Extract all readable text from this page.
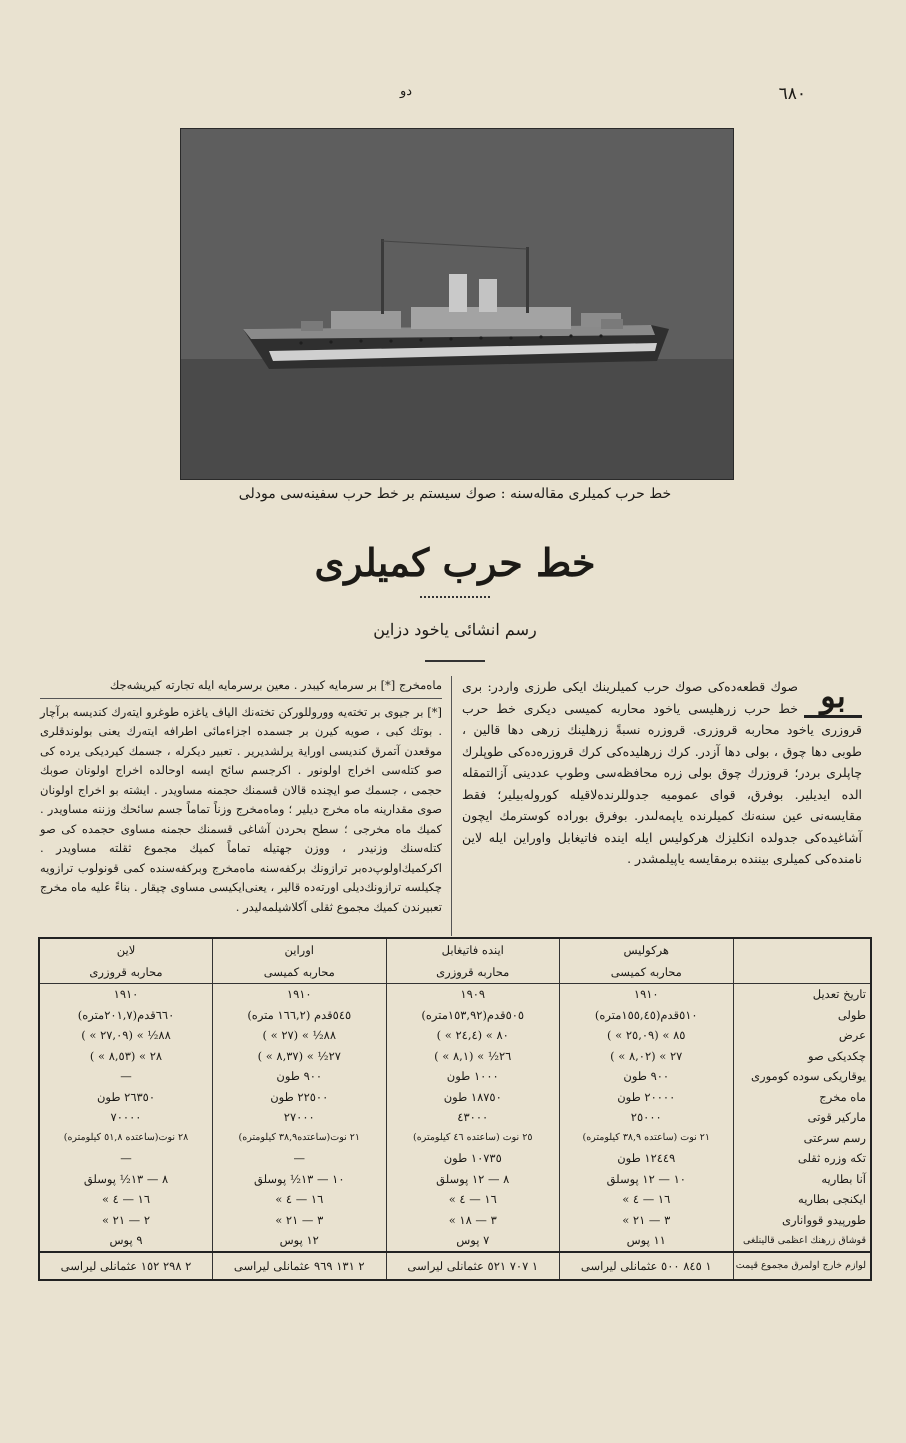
٦٨٠
دو
خط حرب كميلرى مقاله‌سنه : صوك سيستم بر خط حرب سفينه‌سى مودلى
خط حرب كميلرى
رسم انشائى ياخود دزاين
بو
صوك قطعه‌ده‌كى صوك حرب كميلرينك ايكى طرزى واردر: برى خط حرب زرهليسى ياخود محاربه كميسى ديكرى خط حرب قروزرى ياخود محاربه قروزرى. قروزره نسبةً زرهلينك زرهى دها قالين ، طوبى دها چوق ، بولى دها آزدر. كرك زرهليده‌كى كرك قروزره‌ده‌كى طوپلرك چاپلرى بردر؛ قروزرك چوق بولى زره محافظه‌سى وطوپ عددينى آزالتمقله الده ايديلير. بوفرق، قواى عموميه جدوللرنده‌لاقيله كوروله‌بيلير؛ فقط مقايسه‌نى عين سنه‌نك كميلرنده ياپمه‌لىدر. بوفرق بوراده كوسترمك ايچون آشاغيده‌كى جدولده انكليزك هركوليس ايله اينده فاتيغابل واوراين ايله لاين نامنده‌كى كميلرى بيننده برمقايسه ياپيلمشدر .
ماه‌مخرج [*] بر سرمايه كيبدر . معين برسرمايه ايله تجارته كيريشه‌جك
[*] بر جيوى بر تخته‌يه ووروللوركن تخته‌نك الياف ياغزه طوغرو ايته‌رك كنديسه برآچار . بوتك كبى ، صويه كيرن بر جسمده اجزاءمائى اطرافه ايته‌رك يعنى بولوندقلرى موقعدن آتمرق كنديسى اوراية يرلشديرير . تعبير ديكرله ، جسمك كيرديكى يرده كى صو كتله‌سى اخراج اولونور . اكرجسم سائح ايسه اوحالده اخراج اولونان صوبك حجمى ، جسمك صو ايچنده قالان قسمنك حجمنه مساويدر . ايشته بو اخراج اولونان صوى مقدارينه ماه مخرج ديلير ؛ وماه‌مخرج وزناً تماماً جسم سائحك وزننه مساويدر . كميك ماه مخرجى ؛ سطح بحردن آشاغى قسمنك حجمنه مساوى حجمده كى صو كتله‌سنك وزنيدر ، ووزن جهتيله تماماً كميك مجموع ثقلته مساويدر . اكركميك‌اولوپ‌ده‌بر ترازونك بركفه‌سنه ماه‌مخرج وبركفه‌سنده كمى قونولوب ترازويه چكيلسه ترازونك‌ديلى اورته‌ده قالير ، يعنى‌ايكيسى مساوى چيقار . بناءً عليه ماه مخرج تعبيرندن كميك مجموع ثقلى آكلاشيلمه‌ليدر .
	هركوليس	اينده فاتيغابل	اوراين	لاين
	محاربه كميسى	محاربه قروزرى	محاربه كميسى	محاربه قروزرى
تاريخ تعديل	١٩١٠	١٩٠٩	١٩١٠	١٩١٠
طولى	٥١٠قدم(١٥٥,٤٥متره)	٥٠٥قدم(١٥٣,٩٢متره)	٥٤٥قدم (١٦٦,٢ متره)	٦٦٠قدم(٢٠١,٧متره)
عرض	٨٥ » (٢٥,٠٩ » )	٨٠ » (٢٤,٤ » )	٨٨½ » (٢٧ » )	٨٨½ » (٢٧,٠٩ » )
چكديكى صو	٢٧ » (٨,٠٢ » )	٢٦½ » (٨,١ » )	٢٧½ » (٨,٣٧ » )	٢٨ » (٨,٥٣ » )
يوقاريكى سوده كومورى	٩٠٠ طون	١٠٠٠ طون	٩٠٠ طون	—
ماه مخرج	٢٠٠٠٠ طون	١٨٧٥٠ طون	٢٢٥٠٠ طون	٢٦٣٥٠ طون
ماركير قوتى	٢٥٠٠٠	٤٣٠٠٠	٢٧٠٠٠	٧٠٠٠٠
رسم سرعتى	٢١ نوت (ساعتده ٣٨,٩ كيلومتره)	٢٥ نوت (ساعتده ٤٦ كيلومتره)	٢١ نوت(ساعتده٣٨,٩ كيلومتره)	٢٨ نوت(ساعتده ٥١,٨ كيلومتره)
تكه وزره ثقلى	١٢٤٤٩ طون	١٠٧٣٥ طون	—	—
آنا بطاريه	١٠ — ١٢ پوسلق	٨ — ١٢ پوسلق	١٠ — ١٣½ پوسلق	٨ — ١٣½ پوسلق
ايكنجى بطاريه	١٦ — ٤ »	١٦ — ٤ »	١٦ — ٤ »	١٦ — ٤ »
طورپيدو قوواناری	٣ — ٢١ »	٣ — ١٨ »	٣ — ٢١ »	٢ — ٢١ »
قوشاق زرهنك اعظمى قالينلغى	١١ پوس	٧ پوس	١٢ پوس	٩ پوس
لوازم خارج اولمرق مجموع قيمت	١ ٨٤٥ ٥٠٠ عثمانلى ليراسى	١ ٧٠٧ ٥٢١ عثمانلى ليراسى	٢ ١٣١ ٩٦٩ عثمانلى ليراسى	٢ ٢٩٨ ١٥٢ عثمانلى ليراسى
